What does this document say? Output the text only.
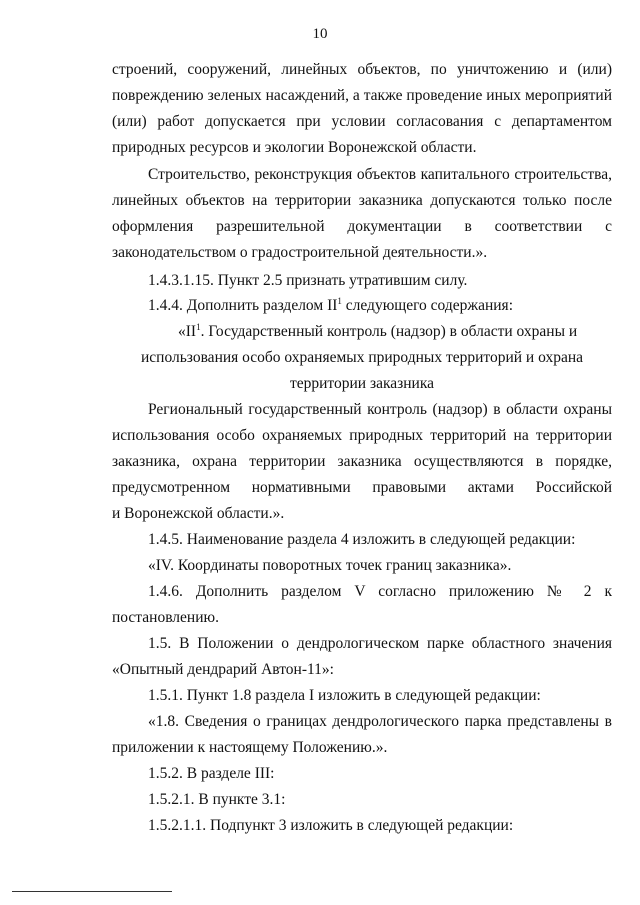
10
строений, сооружений, линейных объектов, по уничтожению и (или)
повреждению зеленых насаждений, а также проведение иных мероприятий
(или) работ допускается при условии согласования с департаментом
природных ресурсов и экологии Воронежской области.
Строительство, реконструкция объектов капитального строительства,
линейных объектов на территории заказника допускаются только после
оформления разрешительной документации в соответствии с
законодательством о градостроительной деятельности.».
1.4.3.1.15. Пункт 2.5 признать утратившим силу.
1.4.4. Дополнить разделом $II^1$ следующего содержания:
«$II^1$. Государственный контроль (надзор) в области охраны и
использования особо охраняемых природных территорий и охрана
территории заказника
Региональный государственный контроль (надзор) в области охраны
использования особо охраняемых природных территорий на территории
заказника, охрана территории заказника осуществляются в порядке,
предусмотренном нормативными правовыми актами Российской
и Воронежской области.».
1.4.5. Наименование раздела 4 изложить в следующей редакции:
«IV. Координаты поворотных точек границ заказника».
1.4.6. Дополнить разделом V согласно приложению № 2 к
постановлению.
1.5. В Положении о дендрологическом парке областного значения
«Опытный дендрарий Автон-11»:
1.5.1. Пункт 1.8 раздела I изложить в следующей редакции:
«1.8. Сведения о границах дендрологического парка представлены в
приложении к настоящему Положению.».
1.5.2. В разделе III:
1.5.2.1. В пункте 3.1:
1.5.2.1.1. Подпункт 3 изложить в следующей редакции:
